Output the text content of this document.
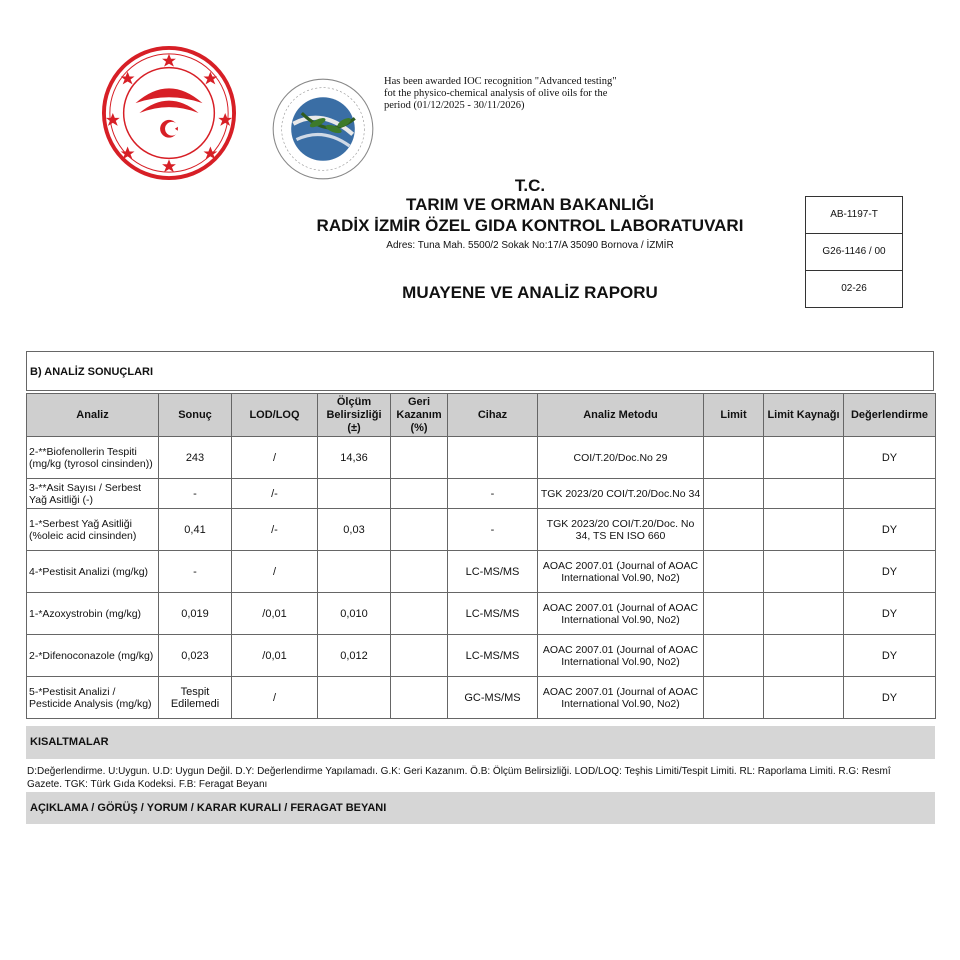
Has been awarded IOC recognition "Advanced testing" fot the physico-chemical analysis of olive oils for the period (01/12/2025 - 30/11/2026)
T.C.
TARIM VE ORMAN BAKANLIĞI
RADİX İZMİR ÖZEL GIDA KONTROL LABORATUVARI
Adres: Tuna Mah. 5500/2 Sokak No:17/A 35090 Bornova / İZMİR
MUAYENE VE ANALİZ RAPORU
AB-1197-T
G26-1146 / 00
02-26
B) ANALİZ SONUÇLARI
Analiz	Sonuç	LOD/LOQ	Ölçüm Belirsizliği (±)	Geri Kazanım (%)	Cihaz	Analiz Metodu	Limit	Limit Kaynağı	Değerlendirme
2-**Biofenollerin Tespiti (mg/kg (tyrosol cinsinden))	243	/	14,36			COI/T.20/Doc.No 29			DY
3-**Asit Sayısı / Serbest Yağ Asitliği (-)	-	/-			-	TGK 2023/20 COI/T.20/Doc.No 34			
1-*Serbest Yağ Asitliği (%oleic acid cinsinden)	0,41	/-	0,03		-	TGK 2023/20 COI/T.20/Doc. No 34, TS EN ISO 660			DY
4-*Pestisit Analizi (mg/kg)	-	/			LC-MS/MS	AOAC 2007.01 (Journal of AOAC International Vol.90, No2)			DY
1-*Azoxystrobin (mg/kg)	0,019	/0,01	0,010		LC-MS/MS	AOAC 2007.01 (Journal of AOAC International Vol.90, No2)			DY
2-*Difenoconazole (mg/kg)	0,023	/0,01	0,012		LC-MS/MS	AOAC 2007.01 (Journal of AOAC International Vol.90, No2)			DY
5-*Pestisit Analizi / Pesticide Analysis (mg/kg)	Tespit Edilemedi	/			GC-MS/MS	AOAC 2007.01 (Journal of AOAC International Vol.90, No2)			DY
KISALTMALAR
D:Değerlendirme. U:Uygun. U.D: Uygun Değil. D.Y: Değerlendirme Yapılamadı. G.K: Geri Kazanım. Ö.B: Ölçüm Belirsizliği. LOD/LOQ: Teşhis Limiti/Tespit Limiti. RL: Raporlama Limiti. R.G: Resmî Gazete. TGK: Türk Gıda Kodeksi. F.B: Feragat Beyanı
AÇIKLAMA / GÖRÜŞ / YORUM / KARAR KURALI / FERAGAT BEYANI
